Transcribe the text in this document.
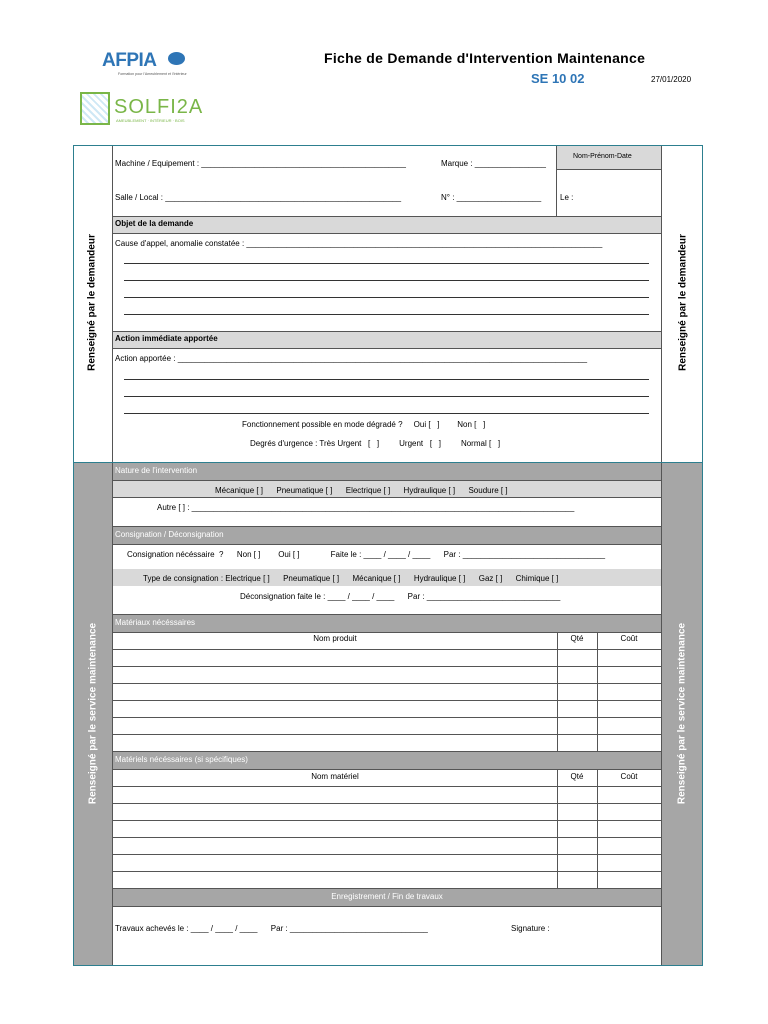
AFPIA
Formation pour l'Ameublement et l'Intérieur
SOLFI2A
AMEUBLEMENT · INTÉRIEUR · BOIS
Fiche de Demande d'Intervention Maintenance
SE 10 02	27/01/2020
Renseigné par le demandeur	Renseigné par le demandeur
Nom-Prénom-Date
Machine / Equipement : ______________________________________________	Marque : ________________
Salle / Local : _____________________________________________________	N° : ___________________ Le :
Objet de la demande
Cause d'appel, anomalie constatée : ________________________________________________________________________________
Action immédiate apportée
Action apportée : ____________________________________________________________________________________________
Fonctionnement possible en mode dégradé ?     Oui [   ]        Non [   ]
Degrés d'urgence : Très Urgent   [   ]         Urgent   [   ]         Normal [   ]
Renseigné par le service maintenance	Renseigné par le service maintenance
Nature de l'intervention
Mécanique [ ]      Pneumatique [ ]      Electrique [ ]      Hydraulique [ ]      Soudure [ ]
Autre [ ] : ______________________________________________________________________________________
Consignation / Déconsignation
Consignation nécéssaire  ?      Non [ ]        Oui [ ]              Faite le : ____ / ____ / ____      Par : ________________________________
Type de consignation : Electrique [ ]      Pneumatique [ ]      Mécanique [ ]      Hydraulique [ ]      Gaz [ ]      Chimique [ ]
Déconsignation faite le : ____ / ____ / ____      Par : ______________________________
Matériaux nécéssaires
Nom produit	Qté	Coût
Matériels nécéssaires (si spécifiques)
Nom matériel	Qté	Coût
Enregistrement / Fin de travaux
Travaux achevés le : ____ / ____ / ____      Par : _______________________________	Signature :
